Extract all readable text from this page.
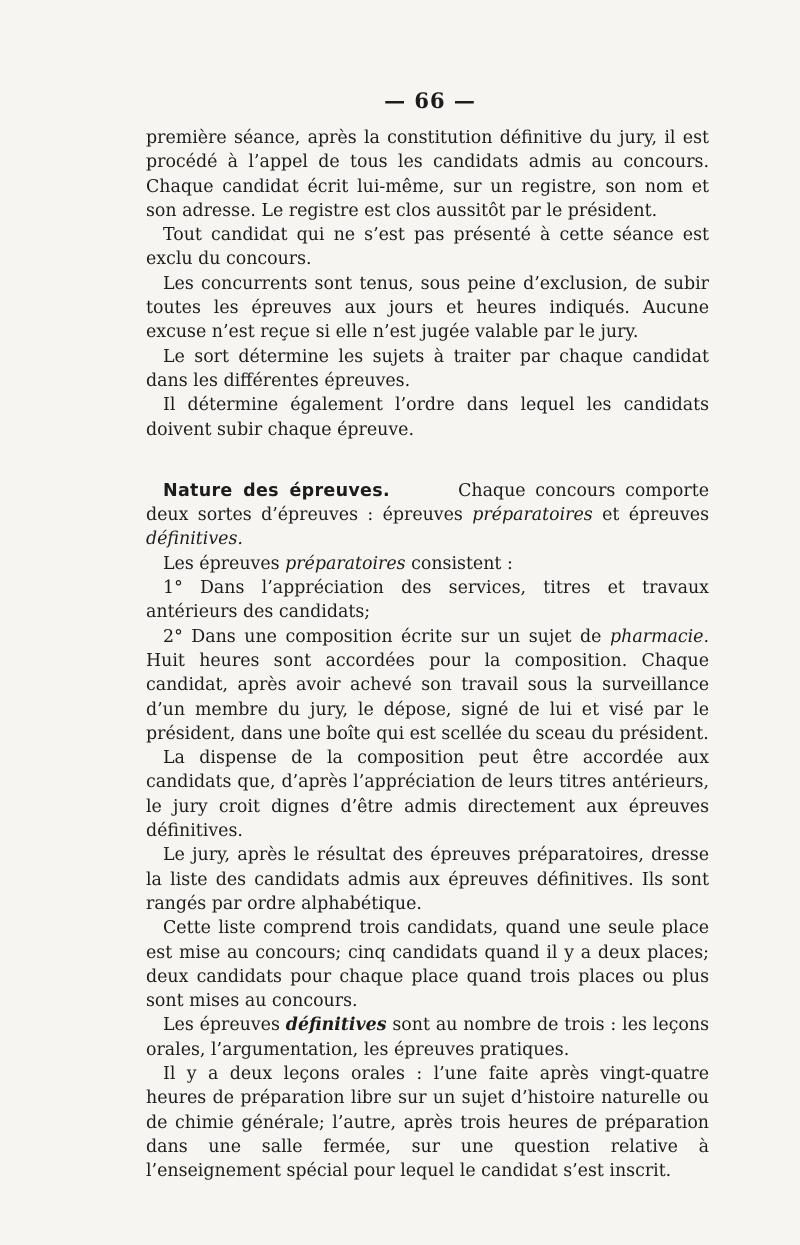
— 66 —

première séance, après la constitution définitive du jury, il est procédé à l’appel de tous les candidats admis au concours. Chaque candidat écrit lui-même, sur un registre, son nom et son adresse. Le registre est clos aussitôt par le président.

Tout candidat qui ne s’est pas présenté à cette séance est exclu du concours.

Les concurrents sont tenus, sous peine d’exclusion, de subir toutes les épreuves aux jours et heures indiqués. Aucune excuse n’est reçue si elle n’est jugée valable par le jury.

Le sort détermine les sujets à traiter par chaque candidat dans les différentes épreuves.

Il détermine également l’ordre dans lequel les candidats doivent subir chaque épreuve.

Nature des épreuves.	Chaque concours comporte deux sortes d’épreuves : épreuves préparatoires et épreuves définitives.

Les épreuves préparatoires consistent :

1° Dans l’appréciation des services, titres et travaux antérieurs des candidats;

2° Dans une composition écrite sur un sujet de pharmacie. Huit heures sont accordées pour la composition. Chaque candidat, après avoir achevé son travail sous la surveillance d’un membre du jury, le dépose, signé de lui et visé par le président, dans une boîte qui est scellée du sceau du président.

La dispense de la composition peut être accordée aux candidats que, d’après l’appréciation de leurs titres antérieurs, le jury croit dignes d’être admis directement aux épreuves définitives.

Le jury, après le résultat des épreuves préparatoires, dresse la liste des candidats admis aux épreuves définitives. Ils sont rangés par ordre alphabétique.

Cette liste comprend trois candidats, quand une seule place est mise au concours; cinq candidats quand il y a deux places; deux candidats pour chaque place quand trois places ou plus sont mises au concours.

Les épreuves définitives sont au nombre de trois : les leçons orales, l’argumentation, les épreuves pratiques.

Il y a deux leçons orales : l’une faite après vingt-quatre heures de préparation libre sur un sujet d’histoire naturelle ou de chimie générale; l’autre, après trois heures de préparation dans une salle fermée, sur une question relative à l’enseignement spécial pour lequel le candidat s’est inscrit.
